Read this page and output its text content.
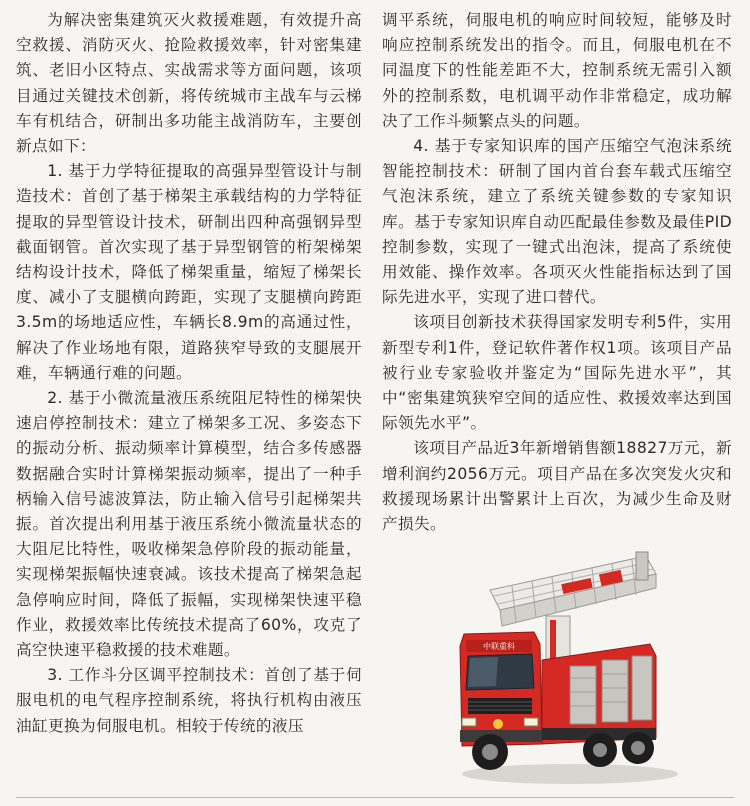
为解决密集建筑灭火救援难题，有效提升高空救援、消防灭火、抢险救援效率，针对密集建筑、老旧小区特点、实战需求等方面问题，该项目通过关键技术创新，将传统城市主战车与云梯车有机结合，研制出多功能主战消防车，主要创新点如下：

1. 基于力学特征提取的高强异型管设计与制造技术：首创了基于梯架主承载结构的力学特征提取的异型管设计技术，研制出四种高强钢异型截面钢管。首次实现了基于异型钢管的桁架梯架结构设计技术，降低了梯架重量，缩短了梯架长度、减小了支腿横向跨距，实现了支腿横向跨距3.5m的场地适应性，车辆长8.9m的高通过性，解决了作业场地有限，道路狭窄导致的支腿展开难，车辆通行难的问题。

2. 基于小微流量液压系统阻尼特性的梯架快速启停控制技术：建立了梯架多工况、多姿态下的振动分析、振动频率计算模型，结合多传感器数据融合实时计算梯架振动频率，提出了一种手柄输入信号滤波算法，防止输入信号引起梯架共振。首次提出利用基于液压系统小微流量状态的大阻尼比特性，吸收梯架急停阶段的振动能量，实现梯架振幅快速衰减。该技术提高了梯架急起急停响应时间，降低了振幅，实现梯架快速平稳作业，救援效率比传统技术提高了60%，攻克了高空快速平稳救援的技术难题。

3. 工作斗分区调平控制技术：首创了基于伺服电机的电气程序控制系统，将执行机构由液压油缸更换为伺服电机。相较于传统的液压

调平系统，伺服电机的响应时间较短，能够及时响应控制系统发出的指令。而且，伺服电机在不同温度下的性能差距不大，控制系统无需引入额外的控制系数，电机调平动作非常稳定，成功解决了工作斗频繁点头的问题。

4. 基于专家知识库的国产压缩空气泡沫系统智能控制技术：研制了国内首台套车载式压缩空气泡沫系统，建立了系统关键参数的专家知识库。基于专家知识库自动匹配最佳参数及最佳PID控制参数，实现了一键式出泡沫，提高了系统使用效能、操作效率。各项灭火性能指标达到了国际先进水平，实现了进口替代。

该项目创新技术获得国家发明专利5件，实用新型专利1件，登记软件著作权1项。该项目产品被行业专家验收并鉴定为“国际先进水平”，其中“密集建筑狭窄空间的适应性、救援效率达到国际领先水平”。

该项目产品近3年新增销售额18827万元，新增利润约2056万元。项目产品在多次突发火灾和救援现场累计出警累计上百次，为减少生命及财产损失。

中联重科
